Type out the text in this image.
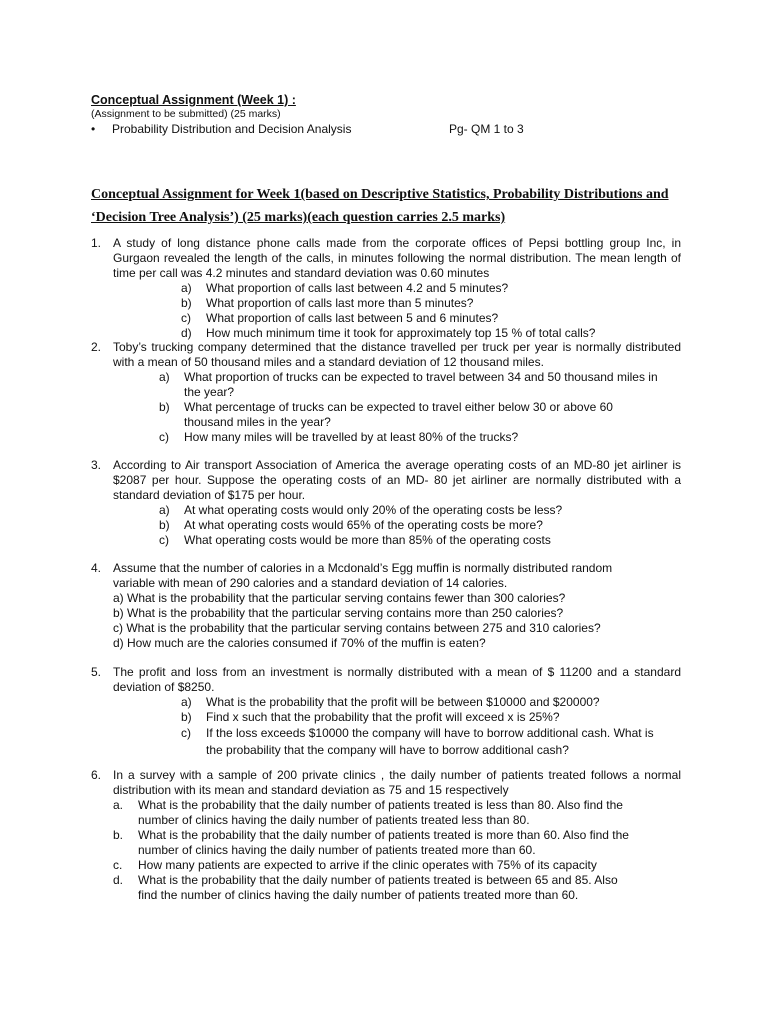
Conceptual Assignment (Week 1) :
(Assignment to be submitted) (25 marks)
• Probability Distribution and Decision Analysis	Pg- QM 1 to 3
Conceptual Assignment for Week 1(based on Descriptive Statistics, Probability Distributions and ‘Decision Tree Analysis’) (25 marks)(each question carries 2.5 marks)
1. A study of long distance phone calls made from the corporate offices of Pepsi bottling group Inc, in Gurgaon revealed the length of the calls, in minutes following the normal distribution. The mean length of time per call was 4.2 minutes and standard deviation was 0.60 minutes
a) What proportion of calls last between 4.2 and 5 minutes?
b) What proportion of calls last more than 5 minutes?
c) What proportion of calls last between 5 and 6 minutes?
d) How much minimum time it took for approximately top 15 % of total calls?
2. Toby’s trucking company determined that the distance travelled per truck per year is normally distributed with a mean of 50 thousand miles and a standard deviation of 12 thousand miles.
a) What proportion of trucks can be expected to travel between 34 and 50 thousand miles in the year?
b) What percentage of trucks can be expected to travel either below 30 or above 60 thousand miles in the year?
c) How many miles will be travelled by at least 80% of the trucks?
3. According to Air transport Association of America the average operating costs of an MD-80 jet airliner is $2087 per hour. Suppose the operating costs of an MD- 80 jet airliner are normally distributed with a standard deviation of $175 per hour.
a) At what operating costs would only 20% of the operating costs be less?
b) At what operating costs would 65% of the operating costs be more?
c) What operating costs would be more than 85% of the operating costs
4. Assume that the number of calories in a Mcdonald’s Egg muffin is normally distributed random variable with mean of 290 calories and a standard deviation of 14 calories.
a) What is the probability that the particular serving contains fewer than 300 calories?
b) What is the probability that the particular serving contains more than 250 calories?
c) What is the probability that the particular serving contains between 275 and 310 calories?
d) How much are the calories consumed if 70% of the muffin is eaten?
5. The profit and loss from an investment is normally distributed with a mean of $ 11200 and a standard deviation of $8250.
a) What is the probability that the profit will be between $10000 and $20000?
b) Find x such that the probability that the profit will exceed x is 25%?
c) If the loss exceeds $10000 the company will have to borrow additional cash. What is the probability that the company will have to borrow additional cash?
6. In a survey with a sample of 200 private clinics , the daily number of patients treated follows a normal distribution with its mean and standard deviation as 75 and 15 respectively
a. What is the probability that the daily number of patients treated is less than 80. Also find the number of clinics having the daily number of patients treated less than 80.
b. What is the probability that the daily number of patients treated is more than 60. Also find the number of clinics having the daily number of patients treated more than 60.
c. How many patients are expected to arrive if the clinic operates with 75% of its capacity
d. What is the probability that the daily number of patients treated is between 65 and 85. Also find the number of clinics having the daily number of patients treated more than 60.
